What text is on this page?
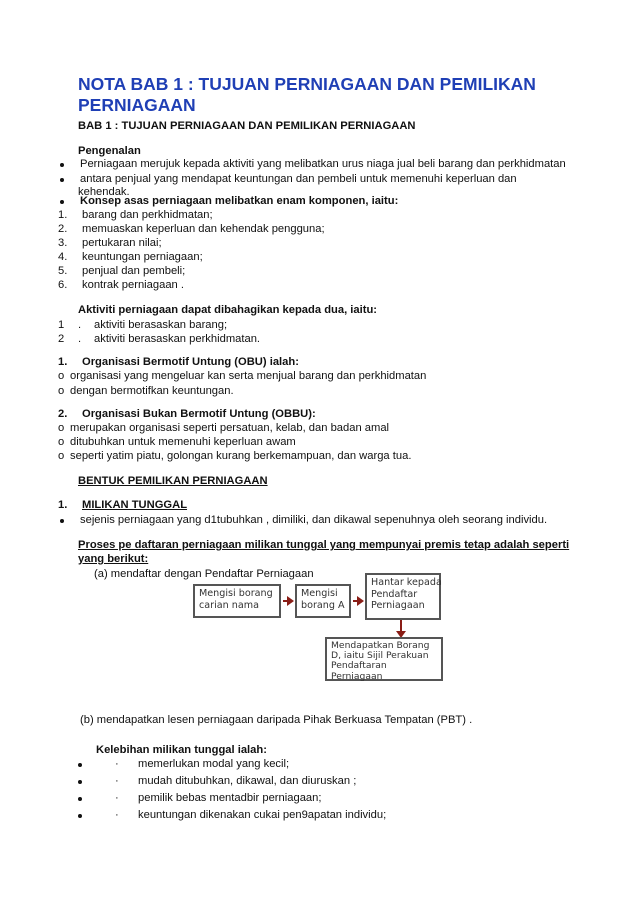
NOTA BAB 1 : TUJUAN PERNIAGAAN DAN PEMILIKAN PERNIAGAAN
BAB 1 : TUJUAN PERNIAGAAN DAN PEMILIKAN PERNIAGAAN
Pengenalan
Perniagaan merujuk kepada aktiviti yang melibatkan urus niaga jual beli barang dan perkhidmatan
antara penjual yang mendapat keuntungan dan pembeli untuk memenuhi keperluan dan
kehendak.
Konsep asas perniagaan melibatkan enam komponen, iaitu:
1. barang dan perkhidmatan;
2. memuaskan keperluan dan kehendak pengguna;
3. pertukaran nilai;
4. keuntungan perniagaan;
5. penjual dan pembeli;
6. kontrak perniagaan .
Aktiviti perniagaan dapat dibahagikan kepada dua, iaitu:
1 . aktiviti berasaskan barang;
2 . aktiviti berasaskan perkhidmatan.
1. Organisasi Bermotif Untung (OBU) ialah:
o organisasi yang mengeluar kan serta menjual barang dan perkhidmatan
o dengan bermotifkan keuntungan.
2. Organisasi Bukan Bermotif Untung (OBBU):
o merupakan organisasi seperti persatuan, kelab, dan badan amal
o ditubuhkan untuk memenuhi keperluan awam
o seperti yatim piatu, golongan kurang berkemampuan, dan warga tua.
BENTUK PEMILIKAN PERNIAGAAN
1. MILIKAN TUNGGAL
sejenis perniagaan yang d1tubuhkan , dimiliki, dan dikawal sepenuhnya oleh seorang individu.
Proses pe daftaran perniagaan milikan tunggal yang mempunyai premis tetap adalah seperti
yang berikut:
(a) mendaftar dengan Pendaftar Perniagaan
Mengisi borang
carian nama
Mengisi
borang A
Hantar kepada
Pendaftar
Perniagaan
Mendapatkan Borang
D, iaitu Sijil Perakuan
Pendaftaran
Perniagaan
(b) mendapatkan lesen perniagaan daripada Pihak Berkuasa Tempatan (PBT) .
Kelebihan milikan tunggal ialah:
· memerlukan modal yang kecil;
· mudah ditubuhkan, dikawal, dan diuruskan ;
· pemilik bebas mentadbir perniagaan;
· keuntungan dikenakan cukai pen9apatan individu;
